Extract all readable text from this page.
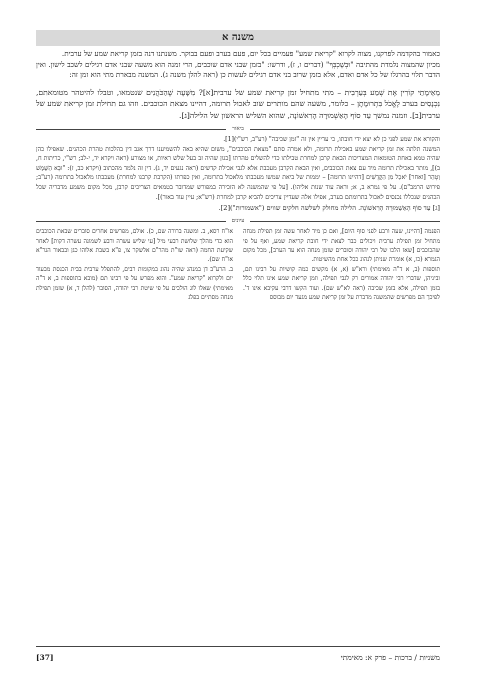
משנה א

כאמור בהקדמה לפרקנו, מצוה לקרוא "קריאת שמע" פעמיים בכל יום, פעם בערב ופעם בבוקר. משנתנו דנה בזמן קריאת שמע של ערבית.

מכיון שהמצוה נלמדת מהתיבה "וּבְשָׁכְבְּךָ" (דברים ו, ז), ודרשו: "בזמן שבני אדם שוכבים, הרי זמנה הוא משעה שבני אדם רגילים לשכב לישון. ואין הדבר תלוי בהרגלו של כל אדם ואדם, אלא בזמן שרוב בני אדם רגילים לעשות כן (ראה להלן משנה ג). המשנה מבארת מתי הוא זמן זה:

מֵאֵימָתַי קוֹרִין אֶת שְׁמַע בְּעַרְבִית – מתי מתחיל זמן קריאת שמע של ערבית[א]? מִשָּׁעָה שֶׁהַכֹּהֲנִים שנטמאו, וטבלו להיטהר מטומאתם, נִכְנָסִים בערב לֶאֱכֹל בִּתְרוּמָתָן – כלומר, משעה שהם מותרים שוב לאכול תרומה, דהיינו מצאת הכוכבים. וזהו גם תחילת זמן קריאת שמע של ערבית[ב]. וזמנה נמשך עַד סוֹף הָאַשְׁמוּרָה הָרִאשׁוֹנָה, שהוא השליש הראשון של הלילה[ג].
ביאור

והקורא את שמע לפני כן לא יצא ידי חובתו, כי עדיין אין זה "זמן שכיבה" (רע"ב, רש"י)[1].

המשנה תלתה את זמן קריאת שמע באכילת תרומה, ולא אמרה סתם "מצאת הכוכבים", משום שהיא באה להשמיענו דרך אגב דין בהלכות טהרת הכהנים. שאפילו כהן שהיה טמא באחת הטומאות המצריכות הבאת קרבן למחרת טבילתו כדי להשלים טהרתו [כגון שהיה זב בעל שלש ראיות, או מצורע (ראה ויקרא יד, י-לב; רש"י, כריתות ח, ב)], מותר באכילת תרומה מיד עם צאת הכוכבים, ואין הבאת הקרבן מעכבת אלא לגבי אכילת קדשים (ראה נגעים יד, ג). דין זה נלמד מהכתוב (ויקרא כב, ז): "וּבָא הַשֶּׁמֶשׁ וְטָהֵר [ואחר] יֹאכַל מִן הַקֳּדָשִׁים [דהיינו תרומה] – יממות של ביאת שמשו מעכבתו מלאכול בתרומה, ואין כפרתו (הקרבת קרבנו למחרת) מעכבתו מלאכול בתרומה (רע"ב; פירוש הרמב"ם). על פי גמרא ב, א; וראה עוד שנות אליהו). [על פי שהמשנה לא הזכירה במפורש שמדובר בטמאים הצריכים קרבן, מכל מקום משמע מדבריה שכל הכהנים שנכללו נכנסים לאכול בתרומתם בערב, אפילו אלה שעדיין צריכים להביא קרבן למחרת (רש"א; עיין עוד באור)].

[ג] עַד סוֹף הָאַשְׁמוּרָה הָרִאשׁוֹנָה. הלילה מחולק לשלשה חלקים שווים ("אשמורות")[2].
עיונים

הפנמה [דהיינו, שעה ורבע לפני סוף היום], ואם כן מיד לאחר עשה זמן תפילת מנחה מתחיל זמן תפילת ערבית ויכולים כבר לצאת ידי חובת קריאת שמע, ואף על פי שהכוכבים [שאז הלכו של רבי יהודה וסוברים שזמן מנחה הוא עד הערב], מכל מקום הגמרא (כו, א) אומרת שניתן לנהוג ככל אחת מהשיטות.

תוספות (ב, א ד"ה מאימתי) ורא"ש (א, א) מקשים כמה קושיות על רבינו תם, וביניהן, שדברי רבי יהודה אמורים רק לגבי תפילה, וזמן קריאת שמע אינו תלוי כלל בזמן תפילה, אלא בזמן שכיבה (ראה לא"ש שם). ועוד הקשו דרבי עקיבא אינו ד'. לפיכך הם מפרשים שהמשנה מדברת על זמן קריאת שמע מגעד יום מבוסס

או"ח רסא, ב. ומשנה ברורה שם, כ). אולם, מפרשים אחרים סוברים שבאת הכוכבים הוא כדי מהלך שלושת רבעי מיל [עי שליש עשרה ורבע לשמונה עשרה דקות] לאחר שקיעת החמה (ראה שו"ת מהר"ם אלשקר צו, פ"א בשבת אלוהו כגן ובבאור הגר"א או"ח שם).

ב. הרע"ב דן במנהג שהיה נהוג במקומות רבים, להתפלל ערבית בבית הכנסת מבעוד יום ולקרוא "קריאת שמע". והוא מפרש על פי רבינו תם (מובא בתוספות ב, א ד"ה מאימתי) שאלו לוג הולכים על פי שיטת רבי יהודה, הסובר (להלן ד, א) שזמן תפילת מנחה מסתיים בפלג

משניות / ברכות – פרק א: מאימתי
[37]
